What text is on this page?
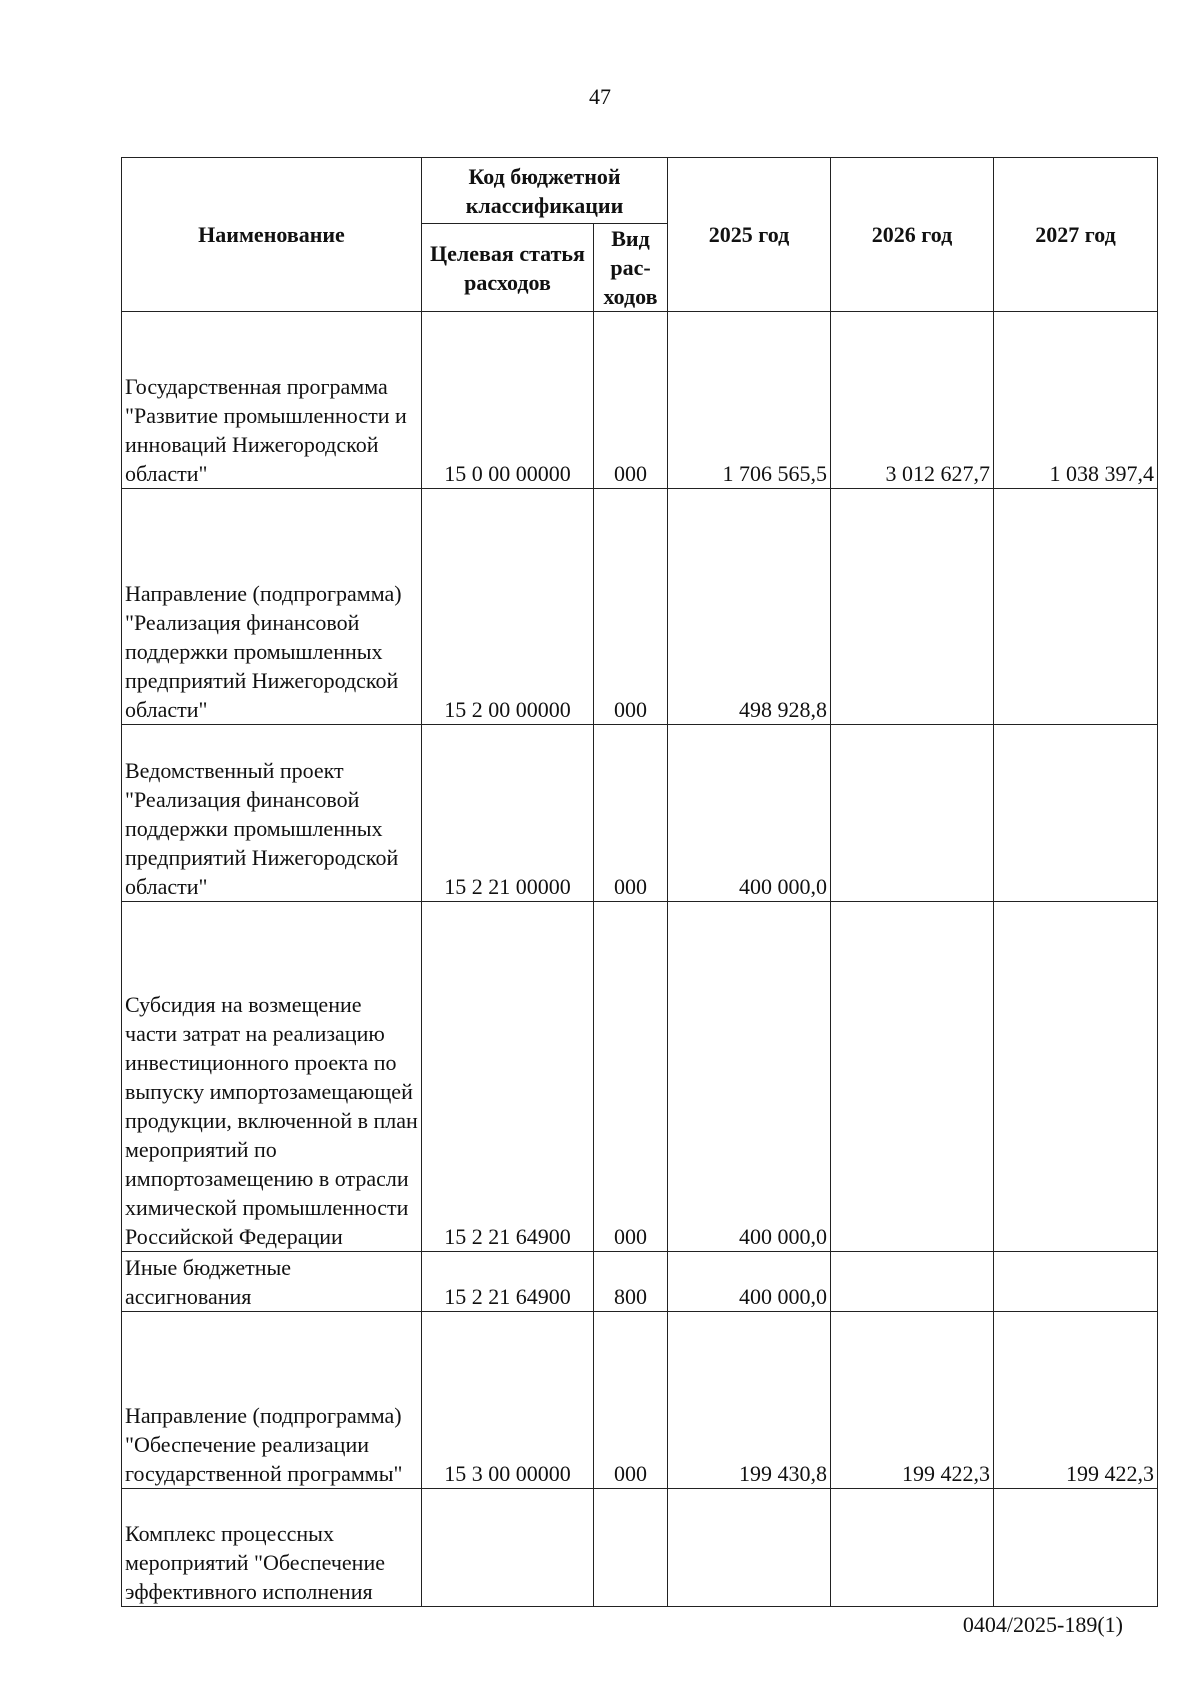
47
Наименование	Код бюджетной классификации		2025 год	2026 год	2027 год
	Целевая статья расходов	Вид рас-ходов			
Государственная программа "Развитие промышленности и инноваций Нижегородской области"	15 0 00 00000	000	1 706 565,5	3 012 627,7	1 038 397,4
Направление (подпрограмма) "Реализация финансовой поддержки промышленных предприятий Нижегородской области"	15 2 00 00000	000	498 928,8		
Ведомственный проект "Реализация финансовой поддержки промышленных предприятий Нижегородской области"	15 2 21 00000	000	400 000,0		
Субсидия на возмещение части затрат на реализацию инвестиционного проекта по выпуску импортозамещающей продукции, включенной в план мероприятий по импортозамещению в отрасли химической промышленности Российской Федерации	15 2 21 64900	000	400 000,0		
Иные бюджетные ассигнования	15 2 21 64900	800	400 000,0		
Направление (подпрограмма) "Обеспечение реализации государственной программы"	15 3 00 00000	000	199 430,8	199 422,3	199 422,3
Комплекс процессных мероприятий "Обеспечение эффективного исполнения					
0404/2025-189(1)
